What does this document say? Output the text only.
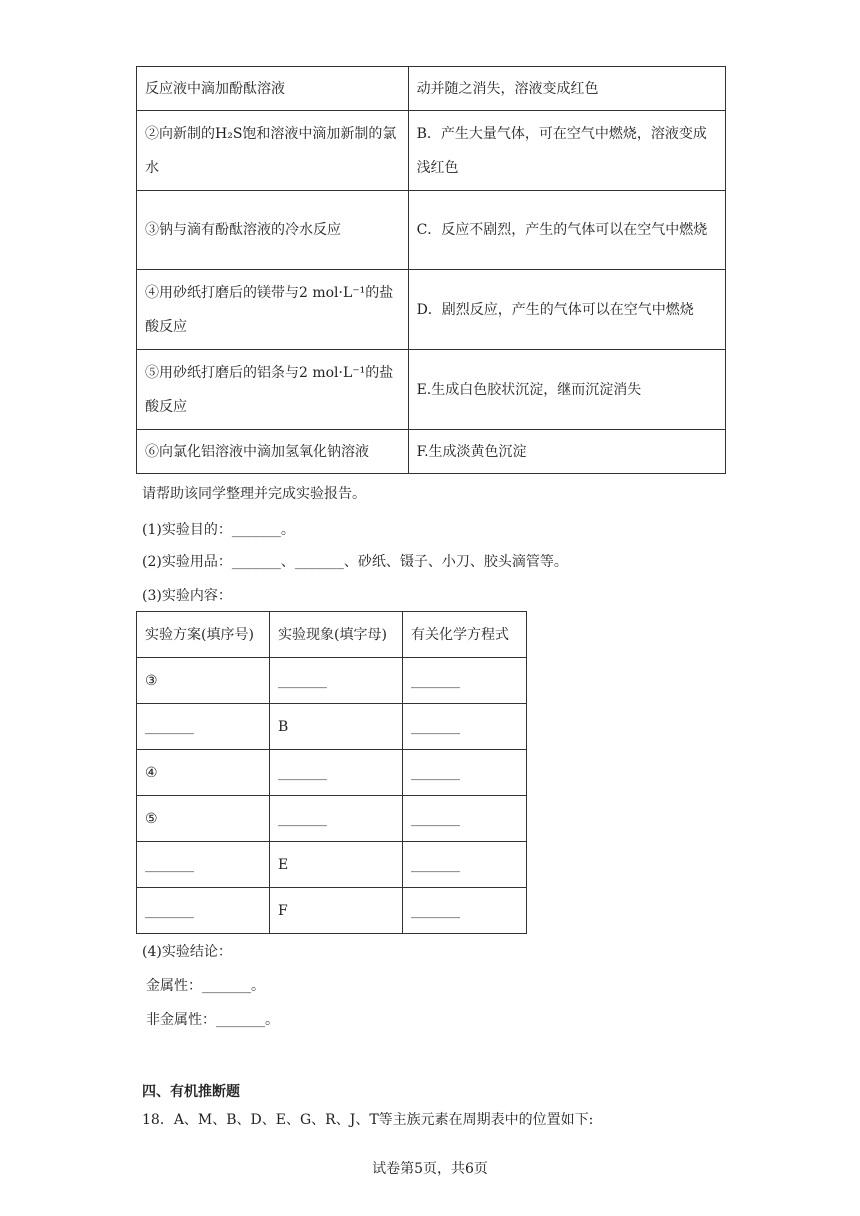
反应液中滴加酚酞溶液	动并随之消失，溶液变成红色
②向新制的H₂S饱和溶液中滴加新制的氯水	B．产生大量气体，可在空气中燃烧，溶液变成浅红色
③钠与滴有酚酞溶液的冷水反应	C．反应不剧烈，产生的气体可以在空气中燃烧
④用砂纸打磨后的镁带与2 mol·L⁻¹的盐酸反应	D．剧烈反应，产生的气体可以在空气中燃烧
⑤用砂纸打磨后的铝条与2 mol·L⁻¹的盐酸反应	E.生成白色胶状沉淀，继而沉淀消失
⑥向氯化铝溶液中滴加氢氧化钠溶液	F.生成淡黄色沉淀
请帮助该同学整理并完成实验报告。
(1)实验目的：_______。
(2)实验用品：_______、_______、砂纸、镊子、小刀、胶头滴管等。
(3)实验内容：
实验方案(填序号)	实验现象(填字母)	有关化学方程式
③	_______	_______
_______	B	_______
④	_______	_______
⑤	_______	_______
_______	E	_______
_______	F	_______
(4)实验结论：
金属性：_______。
非金属性：_______。
四、有机推断题
18．A、M、B、D、E、G、R、J、T等主族元素在周期表中的位置如下:
试卷第5页，共6页
